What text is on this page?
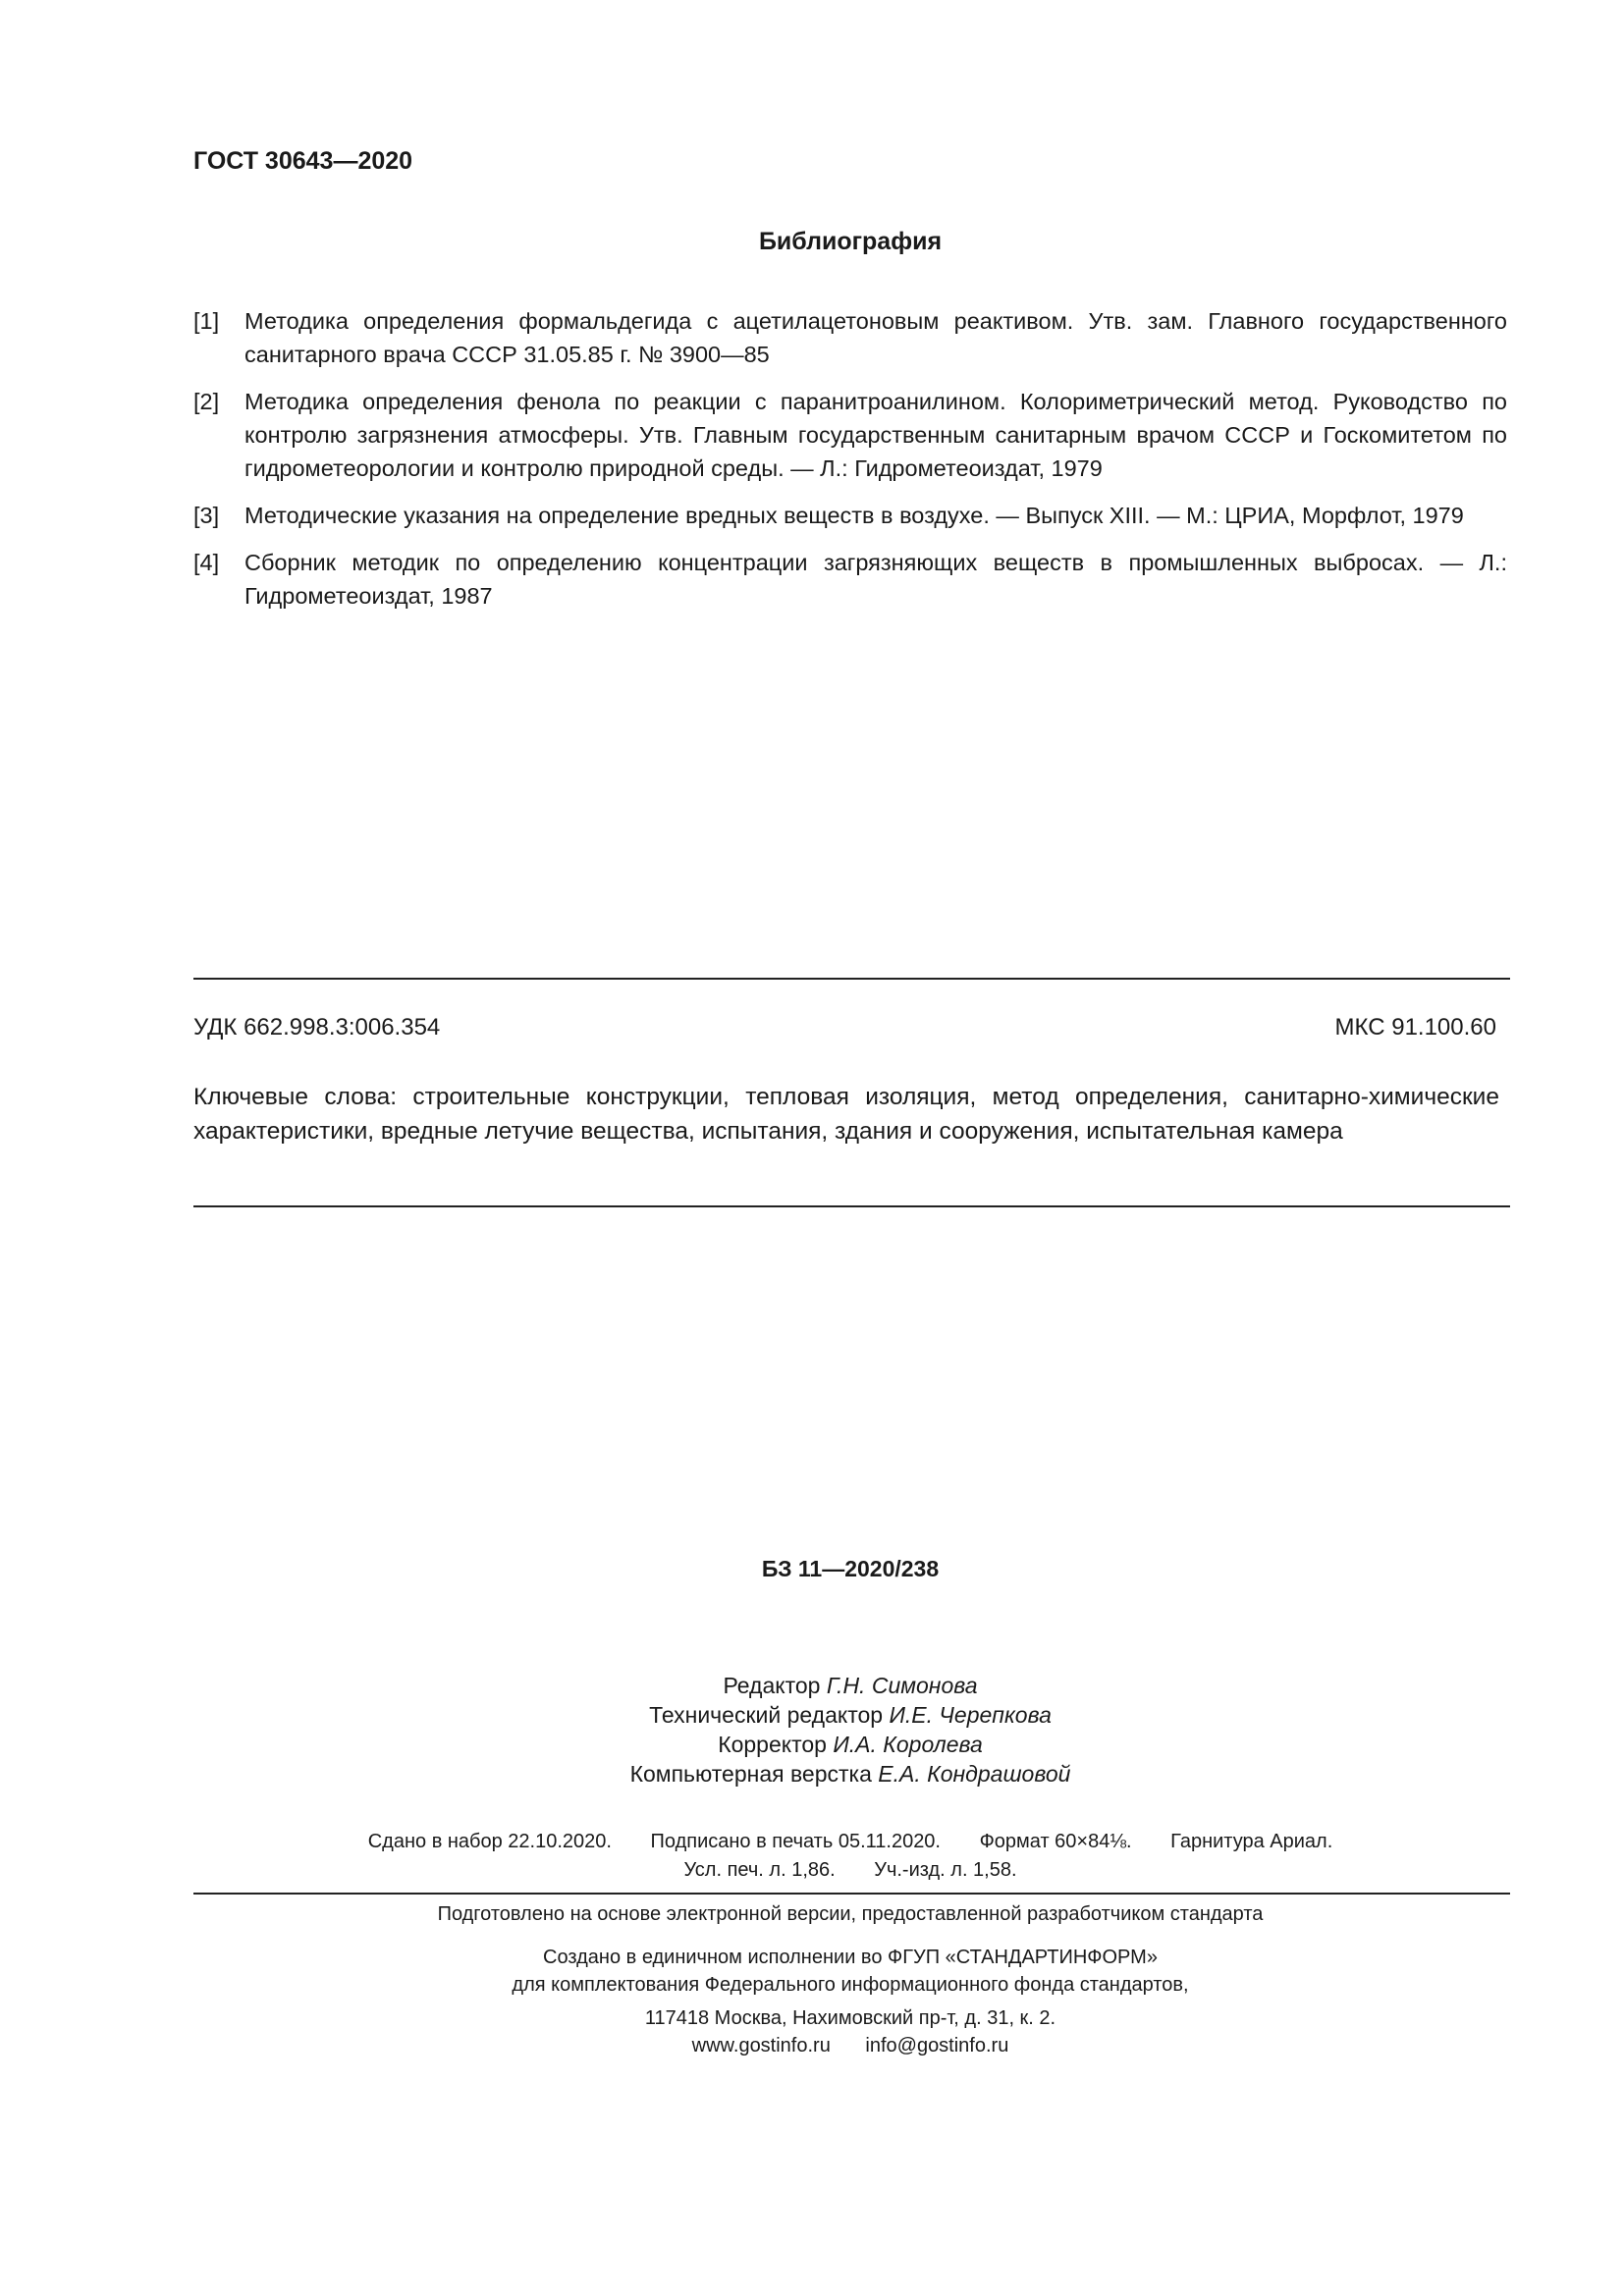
ГОСТ 30643—2020
Библиография
[1]	Методика определения формальдегида с ацетилацетоновым реактивом. Утв. зам. Главного государственного санитарного врача СССР 31.05.85 г. № 3900—85
[2]	Методика определения фенола по реакции с паранитроанилином. Колориметрический метод. Руководство по контролю загрязнения атмосферы. Утв. Главным государственным санитарным врачом СССР и Госкомитетом по гидрометеорологии и контролю природной среды. — Л.: Гидрометеоиздат, 1979
[3]	Методические указания на определение вредных веществ в воздухе. — Выпуск XIII. — М.: ЦРИА, Морфлот, 1979
[4]	Сборник методик по определению концентрации загрязняющих веществ в промышленных выбросах. — Л.: Гидрометеоиздат, 1987
УДК 662.998.3:006.354	МКС 91.100.60
Ключевые слова: строительные конструкции, тепловая изоляция, метод определения, санитарно-химические характеристики, вредные летучие вещества, испытания, здания и сооружения, испытательная камера
БЗ 11—2020/238
Редактор Г.Н. Симонова
Технический редактор И.Е. Черепкова
Корректор И.А. Королева
Компьютерная верстка Е.А. Кондрашовой
Сдано в набор 22.10.2020. Подписано в печать 05.11.2020. Формат 60×84⅛. Гарнитура Ариал.
Усл. печ. л. 1,86. Уч.-изд. л. 1,58.
Подготовлено на основе электронной версии, предоставленной разработчиком стандарта
Создано в единичном исполнении во ФГУП «СТАНДАРТИНФОРМ»
для комплектования Федерального информационного фонда стандартов,
117418 Москва, Нахимовский пр-т, д. 31, к. 2.
www.gostinfo.ru info@gostinfo.ru
